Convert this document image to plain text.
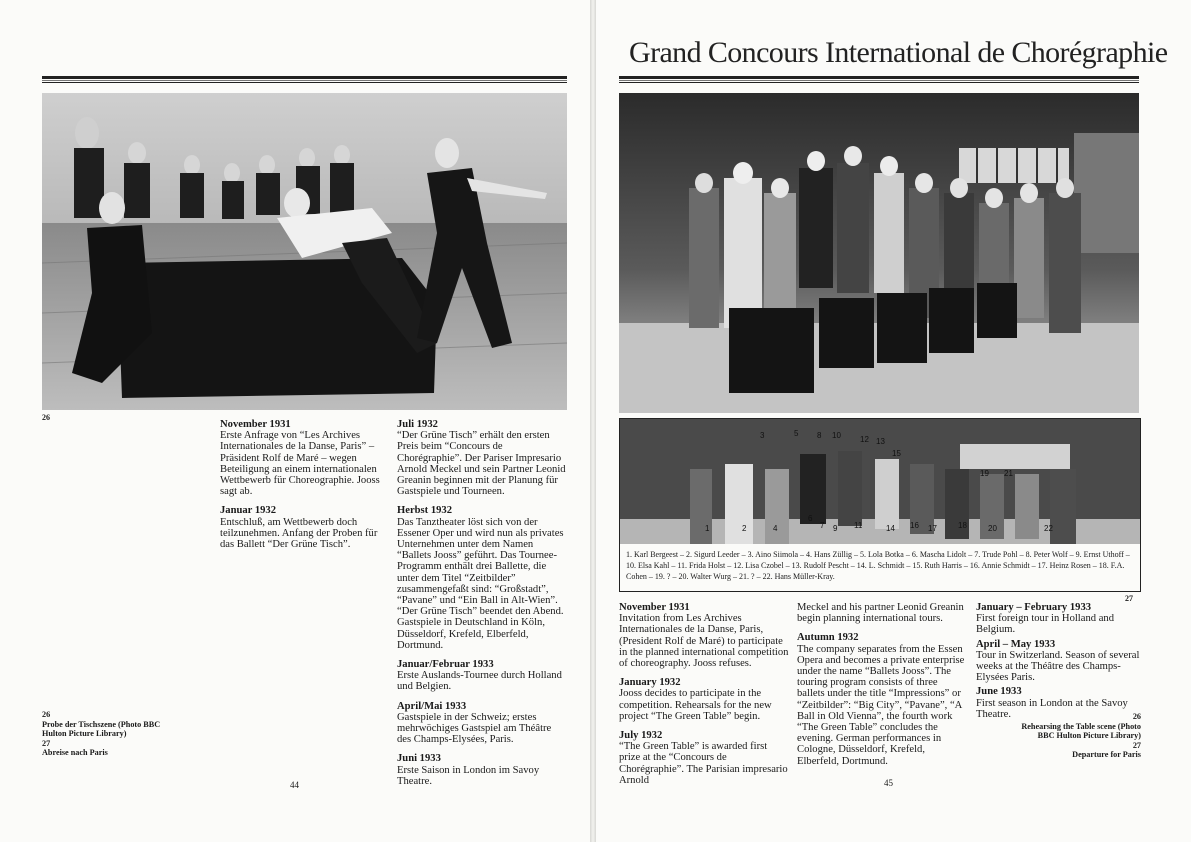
26
November 1931

Erste Anfrage von “Les Archives Internationales de la Danse, Paris” – Präsident Rolf de Maré – wegen Beteiligung an einem internationalen Wettbewerb für Choreographie. Jooss sagt ab.

Januar 1932

Entschluß, am Wettbewerb doch teilzunehmen. Anfang der Proben für das Ballett “Der Grüne Tisch”.

Juli 1932

“Der Grüne Tisch” erhält den ersten Preis beim “Concours de Chorégraphie”. Der Pariser Impresario Arnold Meckel und sein Partner Leonid Greanin beginnen mit der Planung für Gastspiele und Tourneen.

Herbst 1932

Das Tanztheater löst sich von der Essener Oper und wird nun als privates Unternehmen unter dem Namen “Ballets Jooss” geführt. Das Tournee-Programm enthält drei Ballette, die unter dem Titel “Zeitbilder” zusammengefaßt sind: “Großstadt”, “Pavane” und “Ein Ball in Alt-Wien”. “Der Grüne Tisch” beendet den Abend. Gastspiele in Deutschland in Köln, Düsseldorf, Krefeld, Elberfeld, Dortmund.

Januar/Februar 1933

Erste Auslands-Tournee durch Holland und Belgien.

April/Mai 1933

Gastspiele in der Schweiz; erstes mehrwöchiges Gastspiel am Théâtre des Champs-Elysées, Paris.

Juni 1933

Erste Saison in London im Savoy Theatre.

26
Probe der Tischszene (Photo BBC Hulton Picture Library)
27
Abreise nach Paris
44
Grand Concours International de Chorégraphie
1	2
3
4
5
6
7
8
9
10
11
12 13
14
15
16 17	18
19
20
21
22
1. Karl Bergeest – 2. Sigurd Leeder – 3. Aino Siimola – 4. Hans Züllig – 5. Lola Botka – 6. Mascha Lidolt – 7. Trude Pohl – 8. Peter Wolf – 9. Ernst Uthoff – 10. Elsa Kahl – 11. Frida Holst – 12. Lisa Czobel – 13. Rudolf Pescht – 14. L. Schmidt – 15. Ruth Harris – 16. Annie Schmidt – 17. Heinz Rosen – 18. F.A. Cohen – 19. ? – 20. Walter Wurg – 21. ? – 22. Hans Müller-Kray.
27
November 1931

Invitation from Les Archives Internationales de la Danse, Paris, (President Rolf de Maré) to participate in the planned international competition of choreography. Jooss refuses.

January 1932

Jooss decides to participate in the competition. Rehearsals for the new project “The Green Table” begin.

July 1932

“The Green Table” is awarded first prize at the “Concours de Chorégraphie”. The Parisian impresario Arnold

Meckel and his partner Leonid Greanin begin planning international tours.

Autumn 1932

The company separates from the Essen Opera and becomes a private enterprise under the name “Ballets Jooss”. The touring program consists of three ballets under the title “Impressions” or “Zeitbilder”: “Big City”, “Pavane”, “A Ball in Old Vienna”, the fourth work “The Green Table” concludes the evening. German performances in Cologne, Düsseldorf, Krefeld, Elberfeld, Dortmund.

January – February 1933

First foreign tour in Holland and Belgium.

April – May 1933

Tour in Switzerland. Season of several weeks at the Théâtre des Champs-Elysées Paris.

June 1933

First season in London at the Savoy Theatre.	26
Rehearsing the Table scene (Photo BBC Hulton Picture Library)
27
Departure for Paris
45
